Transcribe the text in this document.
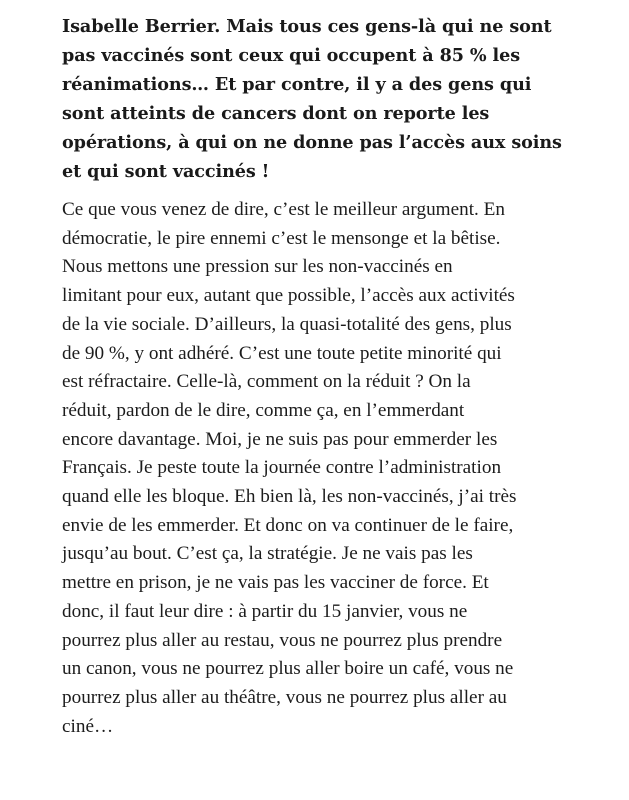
Isabelle Berrier. Mais tous ces gens-là qui ne sont
pas vaccinés sont ceux qui occupent à 85 % les
réanimations… Et par contre, il y a des gens qui
sont atteints de cancers dont on reporte les
opérations, à qui on ne donne pas l’accès aux soins
et qui sont vaccinés !

Ce que vous venez de dire, c’est le meilleur argument. En
démocratie, le pire ennemi c’est le mensonge et la bêtise.
Nous mettons une pression sur les non-vaccinés en
limitant pour eux, autant que possible, l’accès aux activités
de la vie sociale. D’ailleurs, la quasi-totalité des gens, plus
de 90 %, y ont adhéré. C’est une toute petite minorité qui
est réfractaire. Celle-là, comment on la réduit ? On la
réduit, pardon de le dire, comme ça, en l’emmerdant
encore davantage. Moi, je ne suis pas pour emmerder les
Français. Je peste toute la journée contre l’administration
quand elle les bloque. Eh bien là, les non-vaccinés, j’ai très
envie de les emmerder. Et donc on va continuer de le faire,
jusqu’au bout. C’est ça, la stratégie. Je ne vais pas les
mettre en prison, je ne vais pas les vacciner de force. Et
donc, il faut leur dire : à partir du 15 janvier, vous ne
pourrez plus aller au restau, vous ne pourrez plus prendre
un canon, vous ne pourrez plus aller boire un café, vous ne
pourrez plus aller au théâtre, vous ne pourrez plus aller au
ciné…
